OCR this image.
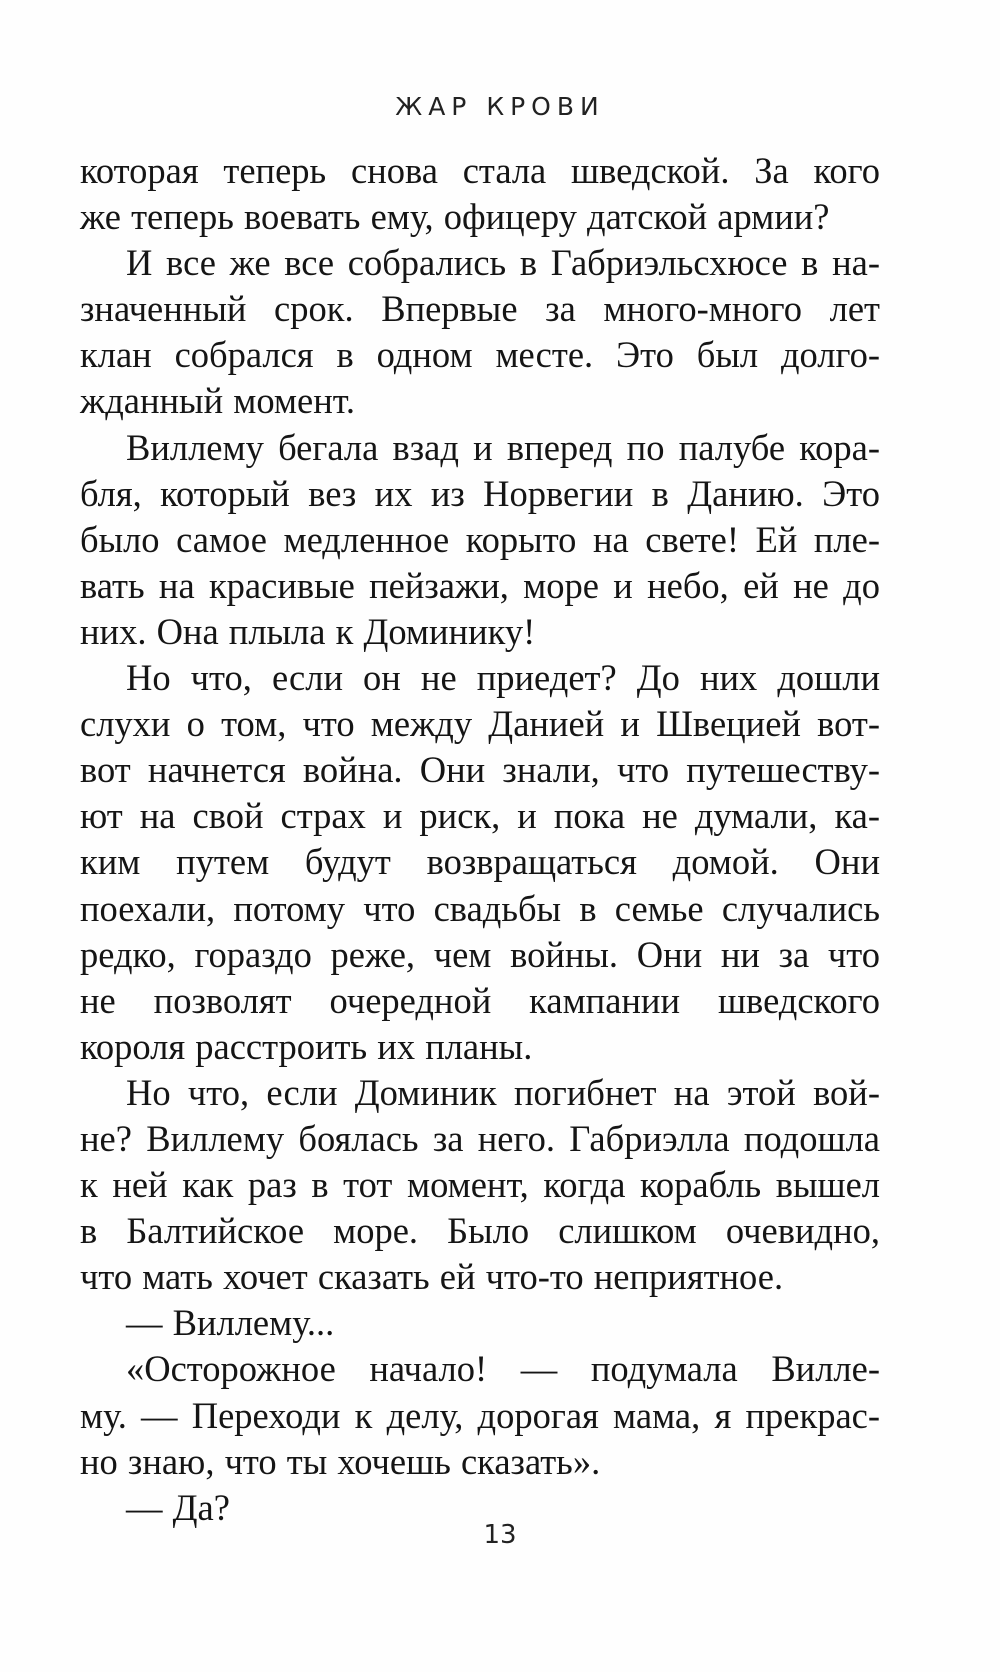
ЖАР КРОВИ
которая теперь снова стала шведской. За кого
же теперь воевать ему, офицеру датской армии?
И все же все собрались в Габриэльсхюсе в на-
значенный срок. Впервые за много-много лет
клан собрался в одном месте. Это был долго-
жданный момент.
Виллему бегала взад и вперед по палубе кора-
бля, который вез их из Норвегии в Данию. Это
было самое медленное корыто на свете! Ей пле-
вать на красивые пейзажи, море и небо, ей не до
них. Она плыла к Доминику!
Но что, если он не приедет? До них дошли
слухи о том, что между Данией и Швецией вот-
вот начнется война. Они знали, что путешеству-
ют на свой страх и риск, и пока не думали, ка-
ким путем будут возвращаться домой. Они
поехали, потому что свадьбы в семье случались
редко, гораздо реже, чем войны. Они ни за что
не позволят очередной кампании шведского
короля расстроить их планы.
Но что, если Доминик погибнет на этой вой-
не? Виллему боялась за него. Габриэлла подошла
к ней как раз в тот момент, когда корабль вышел
в Балтийское море. Было слишком очевидно,
что мать хочет сказать ей что-то неприятное.
— Виллему...
«Осторожное начало! — подумала Вилле-
му. — Переходи к делу, дорогая мама, я прекрас-
но знаю, что ты хочешь сказать».
— Да?
13
